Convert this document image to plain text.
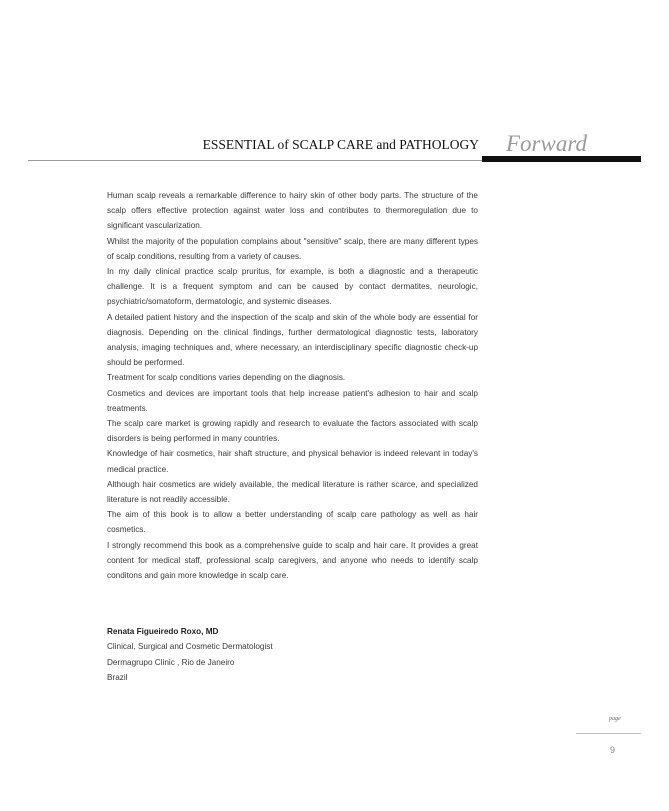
ESSENTIAL of SCALP CARE and PATHOLOGY Forward

Human scalp reveals a remarkable difference to hairy skin of other body parts. The structure of the scalp offers effective protection against water loss and contributes to thermoregulation due to significant vascularization.

Whilst the majority of the population complains about "sensitive" scalp, there are many different types of scalp conditions, resulting from a variety of causes.

In my daily clinical practice scalp pruritus, for example, is both a diagnostic and a therapeutic challenge. It is a frequent symptom and can be caused by contact dermatites, neurologic, psychiatric/somatoform, dermatologic, and systemic diseases.

A detailed patient history and the inspection of the scalp and skin of the whole body are essential for diagnosis. Depending on the clinical findings, further dermatological diagnostic tests, laboratory analysis, imaging techniques and, where necessary, an interdisciplinary specific diagnostic check-up should be performed.

Treatment for scalp conditions varies depending on the diagnosis.

Cosmetics and devices are important tools that help increase patient's adhesion to hair and scalp treatments.

The scalp care market is growing rapidly and research to evaluate the factors associated with scalp disorders is being performed in many countries.

Knowledge of hair cosmetics, hair shaft structure, and physical behavior is indeed relevant in today's medical practice.

Although hair cosmetics are widely available, the medical literature is rather scarce, and specialized literature is not readily accessible.

The aim of this book is to allow a better understanding of scalp care pathology as well as hair cosmetics.

I strongly recommend this book as a comprehensive guide to scalp and hair care. It provides a great content for medical staff, professional scalp caregivers, and anyone who needs to identify scalp conditons and gain more knowledge in scalp care.

Renata Figueiredo Roxo, MD
Clinical, Surgical and Cosmetic Dermatologist
Dermagrupo Clinic , Rio de Janeiro
Brazil
page
9
